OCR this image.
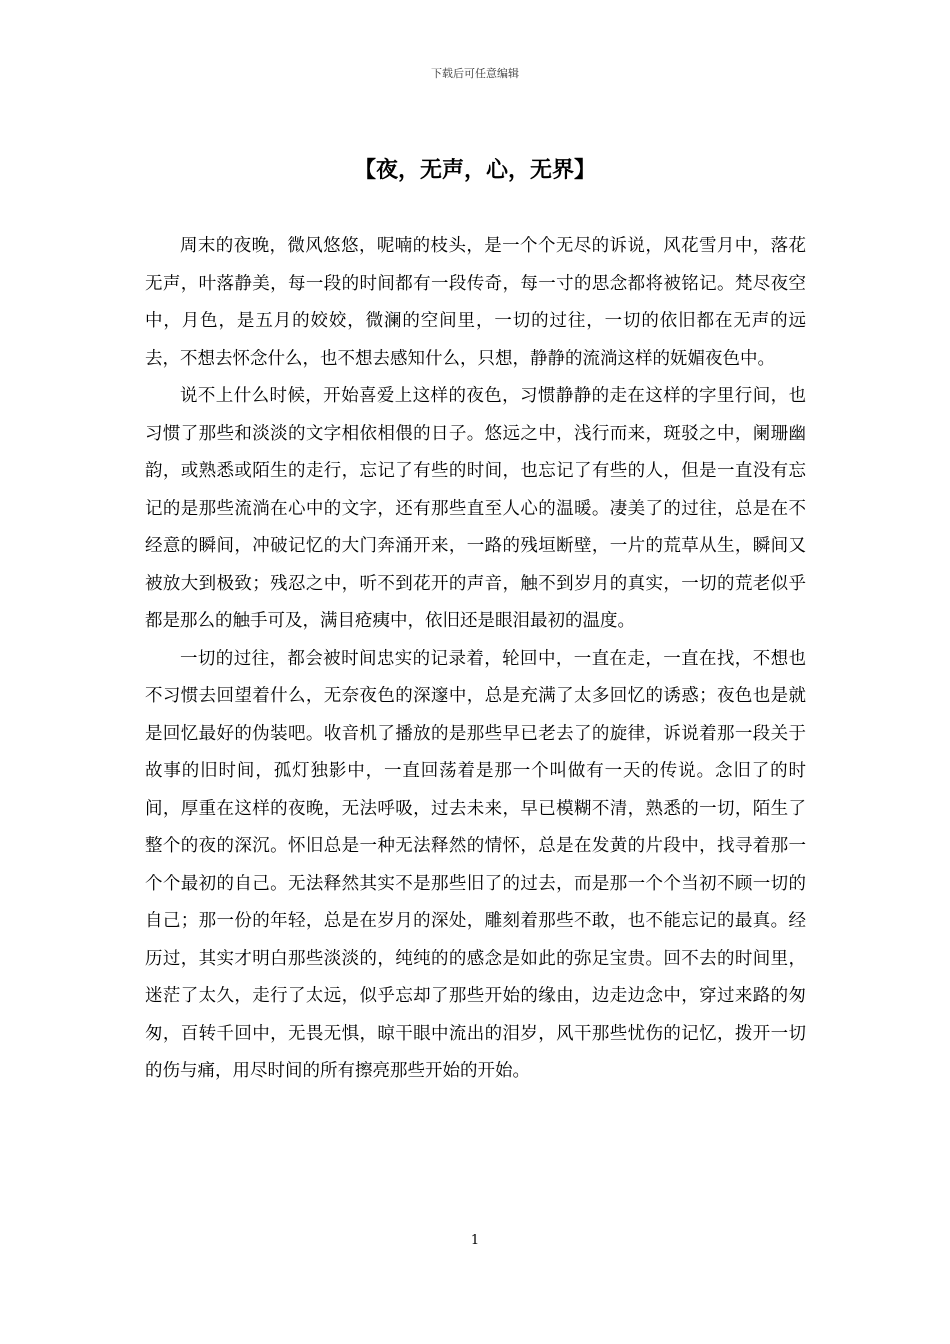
下载后可任意编辑
【夜，无声，心，无界】

周末的夜晚，微风悠悠，呢喃的枝头，是一个个无尽的诉说，风花雪月中，落花无声，叶落静美，每一段的时间都有一段传奇，每一寸的思念都将被铭记。梵尽夜空中，月色，是五月的姣姣，微澜的空间里，一切的过往，一切的依旧都在无声的远去，不想去怀念什么，也不想去感知什么，只想，静静的流淌这样的妩媚夜色中。

说不上什么时候，开始喜爱上这样的夜色，习惯静静的走在这样的字里行间，也习惯了那些和淡淡的文字相依相偎的日子。悠远之中，浅行而来，斑驳之中，阑珊幽韵，或熟悉或陌生的走行，忘记了有些的时间，也忘记了有些的人，但是一直没有忘记的是那些流淌在心中的文字，还有那些直至人心的温暖。凄美了的过往，总是在不经意的瞬间，冲破记忆的大门奔涌开来，一路的残垣断壁，一片的荒草从生，瞬间又被放大到极致；残忍之中，听不到花开的声音，触不到岁月的真实，一切的荒老似乎都是那么的触手可及，满目疮痍中，依旧还是眼泪最初的温度。

一切的过往，都会被时间忠实的记录着，轮回中，一直在走，一直在找，不想也不习惯去回望着什么，无奈夜色的深邃中，总是充满了太多回忆的诱惑；夜色也是就是回忆最好的伪装吧。收音机了播放的是那些早已老去了的旋律，诉说着那一段关于故事的旧时间，孤灯独影中，一直回荡着是那一个叫做有一天的传说。念旧了的时间，厚重在这样的夜晚，无法呼吸，过去未来，早已模糊不清，熟悉的一切，陌生了整个的夜的深沉。怀旧总是一种无法释然的情怀，总是在发黄的片段中，找寻着那一个个最初的自己。无法释然其实不是那些旧了的过去，而是那一个个当初不顾一切的自己；那一份的年轻，总是在岁月的深处，雕刻着那些不敢，也不能忘记的最真。经历过，其实才明白那些淡淡的，纯纯的的感念是如此的弥足宝贵。回不去的时间里，迷茫了太久，走行了太远，似乎忘却了那些开始的缘由，边走边念中，穿过来路的匆匆，百转千回中，无畏无惧，晾干眼中流出的泪岁，风干那些忧伤的记忆，拨开一切的伤与痛，用尽时间的所有擦亮那些开始的开始。

1
